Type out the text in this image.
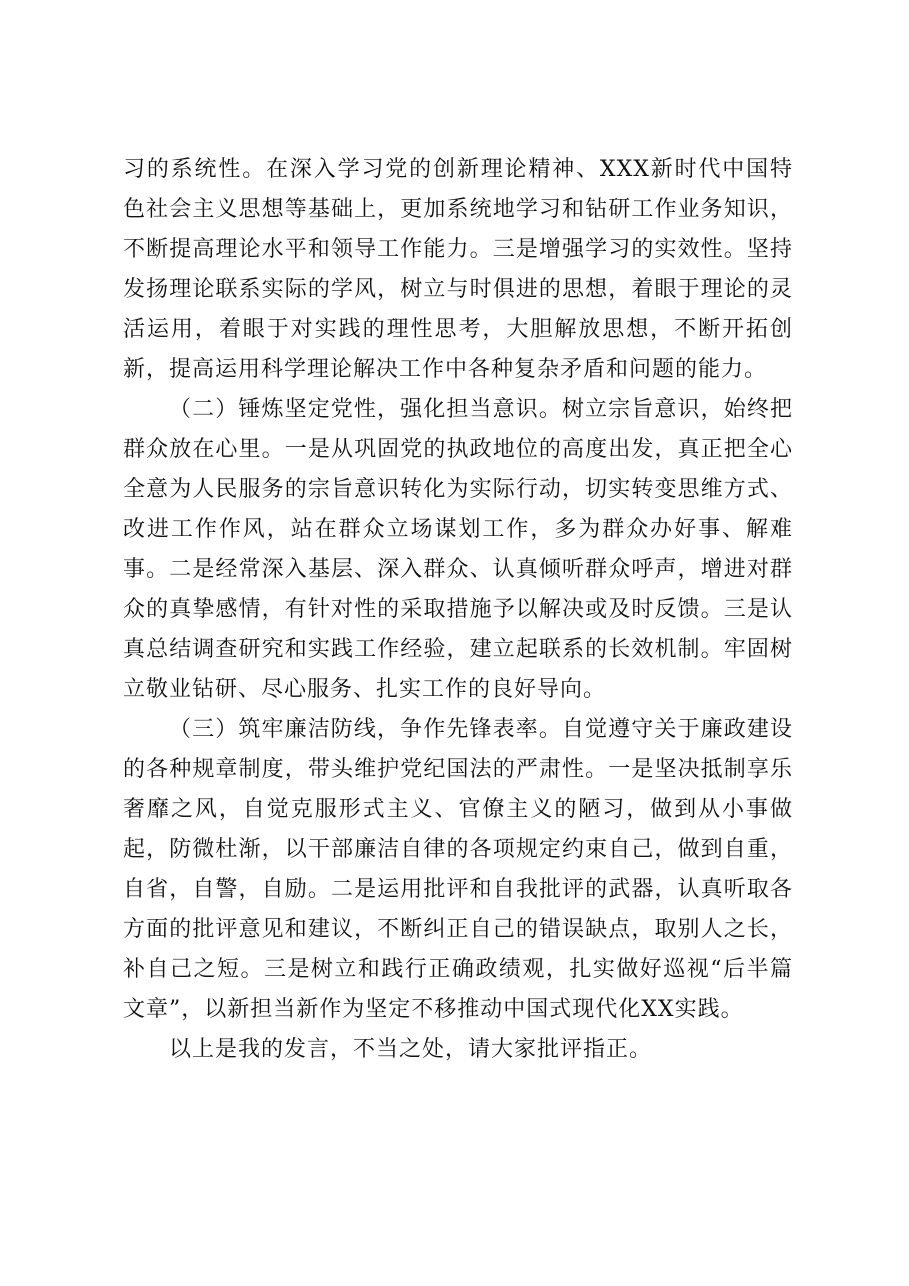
习的系统性。在深入学习党的创新理论精神、XXX新时代中国特色社会主义思想等基础上，更加系统地学习和钻研工作业务知识，不断提高理论水平和领导工作能力。三是增强学习的实效性。坚持发扬理论联系实际的学风，树立与时俱进的思想，着眼于理论的灵活运用，着眼于对实践的理性思考，大胆解放思想，不断开拓创新，提高运用科学理论解决工作中各种复杂矛盾和问题的能力。

（二）锤炼坚定党性，强化担当意识。树立宗旨意识，始终把群众放在心里。一是从巩固党的执政地位的高度出发，真正把全心全意为人民服务的宗旨意识转化为实际行动，切实转变思维方式、改进工作作风，站在群众立场谋划工作，多为群众办好事、解难事。二是经常深入基层、深入群众、认真倾听群众呼声，增进对群众的真挚感情，有针对性的采取措施予以解决或及时反馈。三是认真总结调查研究和实践工作经验，建立起联系的长效机制。牢固树立敬业钻研、尽心服务、扎实工作的良好导向。

（三）筑牢廉洁防线，争作先锋表率。自觉遵守关于廉政建设的各种规章制度，带头维护党纪国法的严肃性。一是坚决抵制享乐奢靡之风，自觉克服形式主义、官僚主义的陋习，做到从小事做起，防微杜渐，以干部廉洁自律的各项规定约束自己，做到自重，自省，自警，自励。二是运用批评和自我批评的武器，认真听取各方面的批评意见和建议，不断纠正自己的错误缺点，取别人之长，补自己之短。三是树立和践行正确政绩观，扎实做好巡视“后半篇文章”，以新担当新作为坚定不移推动中国式现代化XX实践。

以上是我的发言，不当之处，请大家批评指正。
